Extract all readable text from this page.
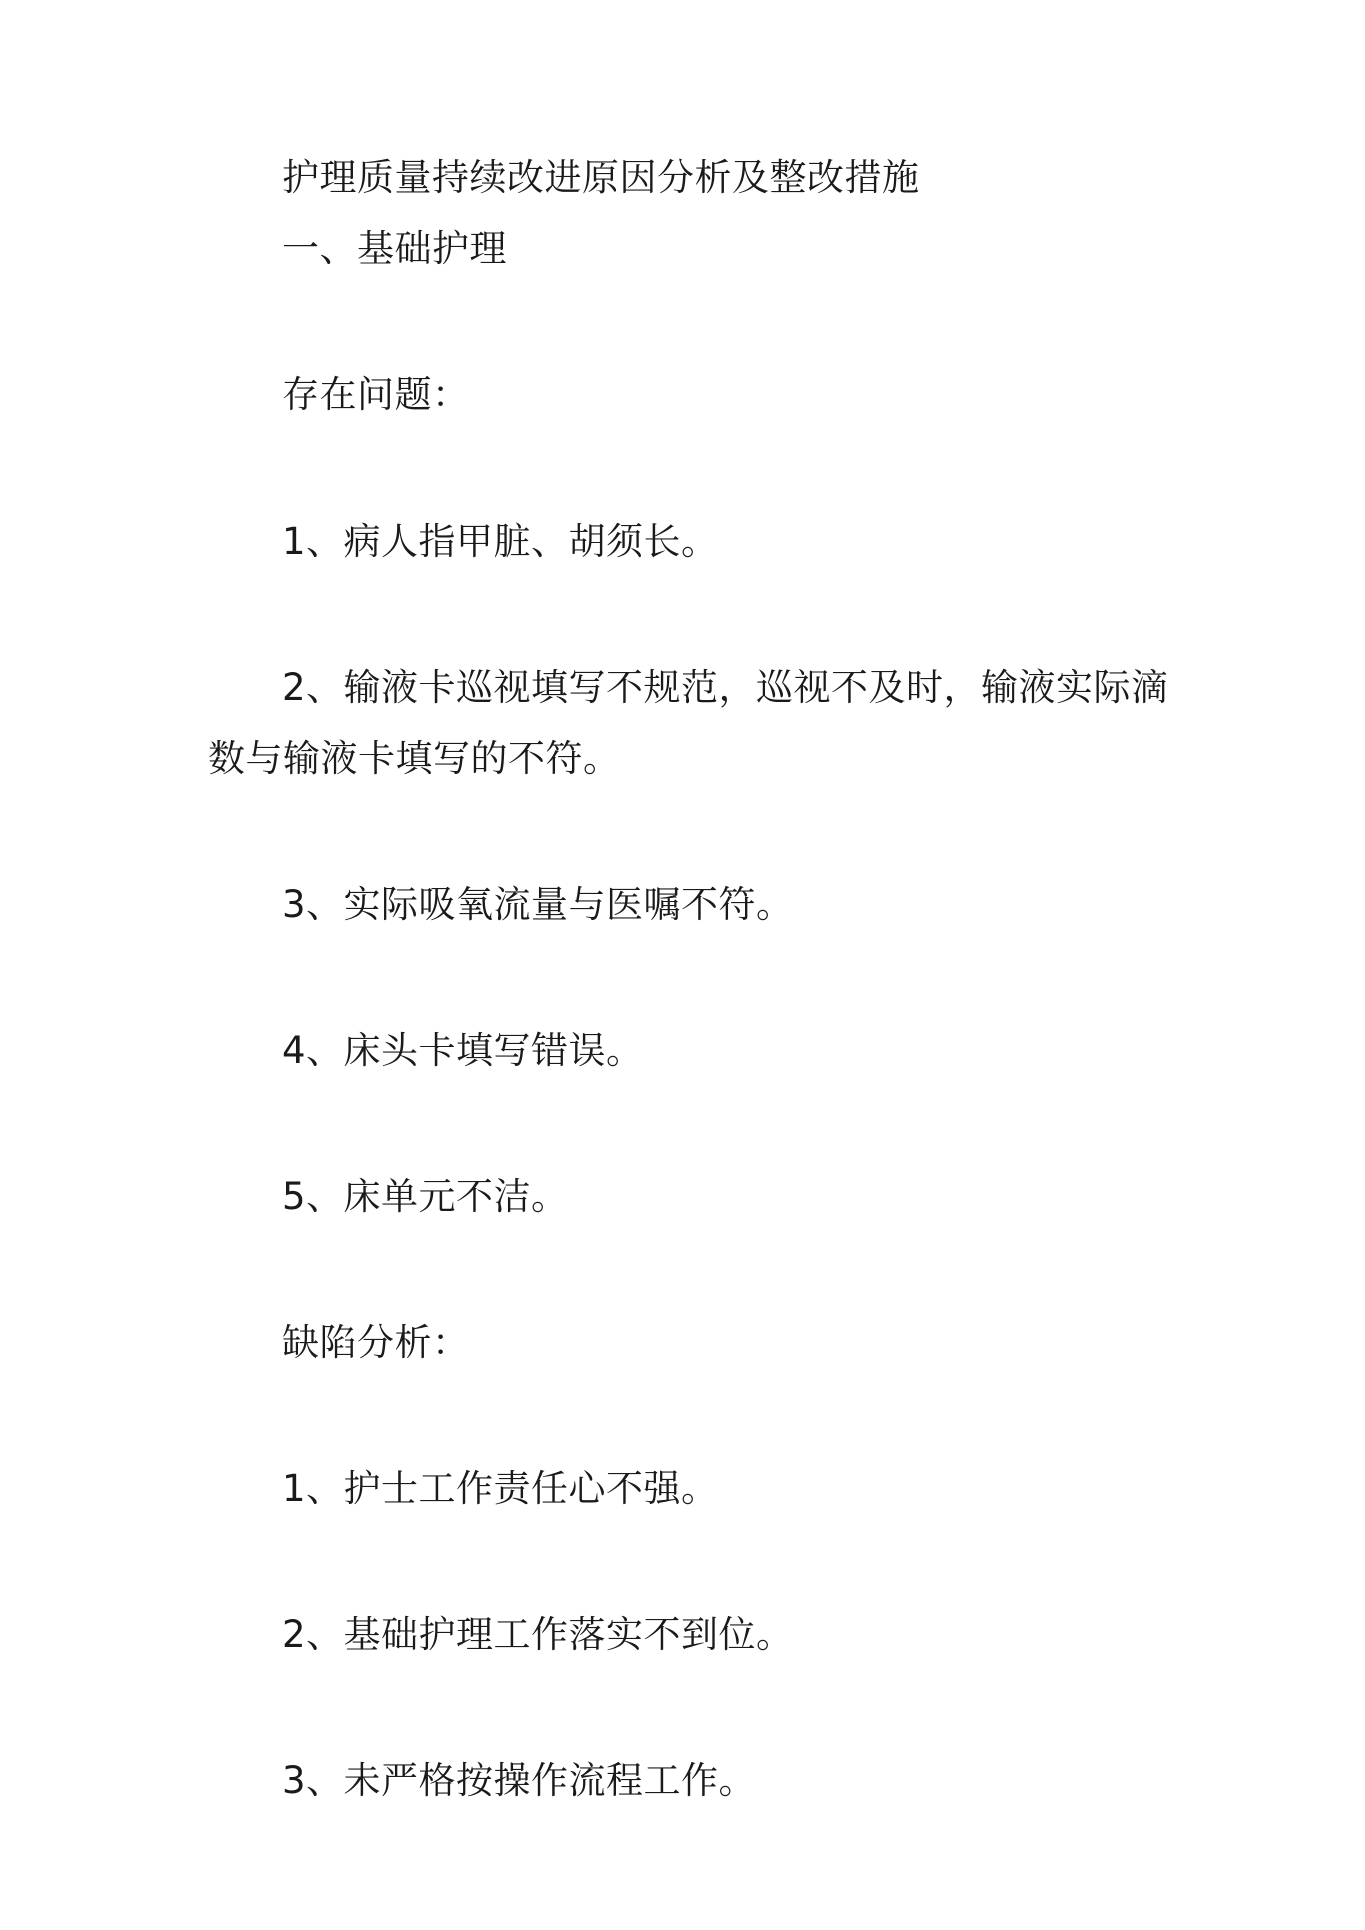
护理质量持续改进原因分析及整改措施
一、基础护理
存在问题：
1、病人指甲脏、胡须长。
2、输液卡巡视填写不规范，巡视不及时，输液实际滴
数与输液卡填写的不符。
3、实际吸氧流量与医嘱不符。
4、床头卡填写错误。
5、床单元不洁。
缺陷分析：
1、护士工作责任心不强。
2、基础护理工作落实不到位。
3、未严格按操作流程工作。
